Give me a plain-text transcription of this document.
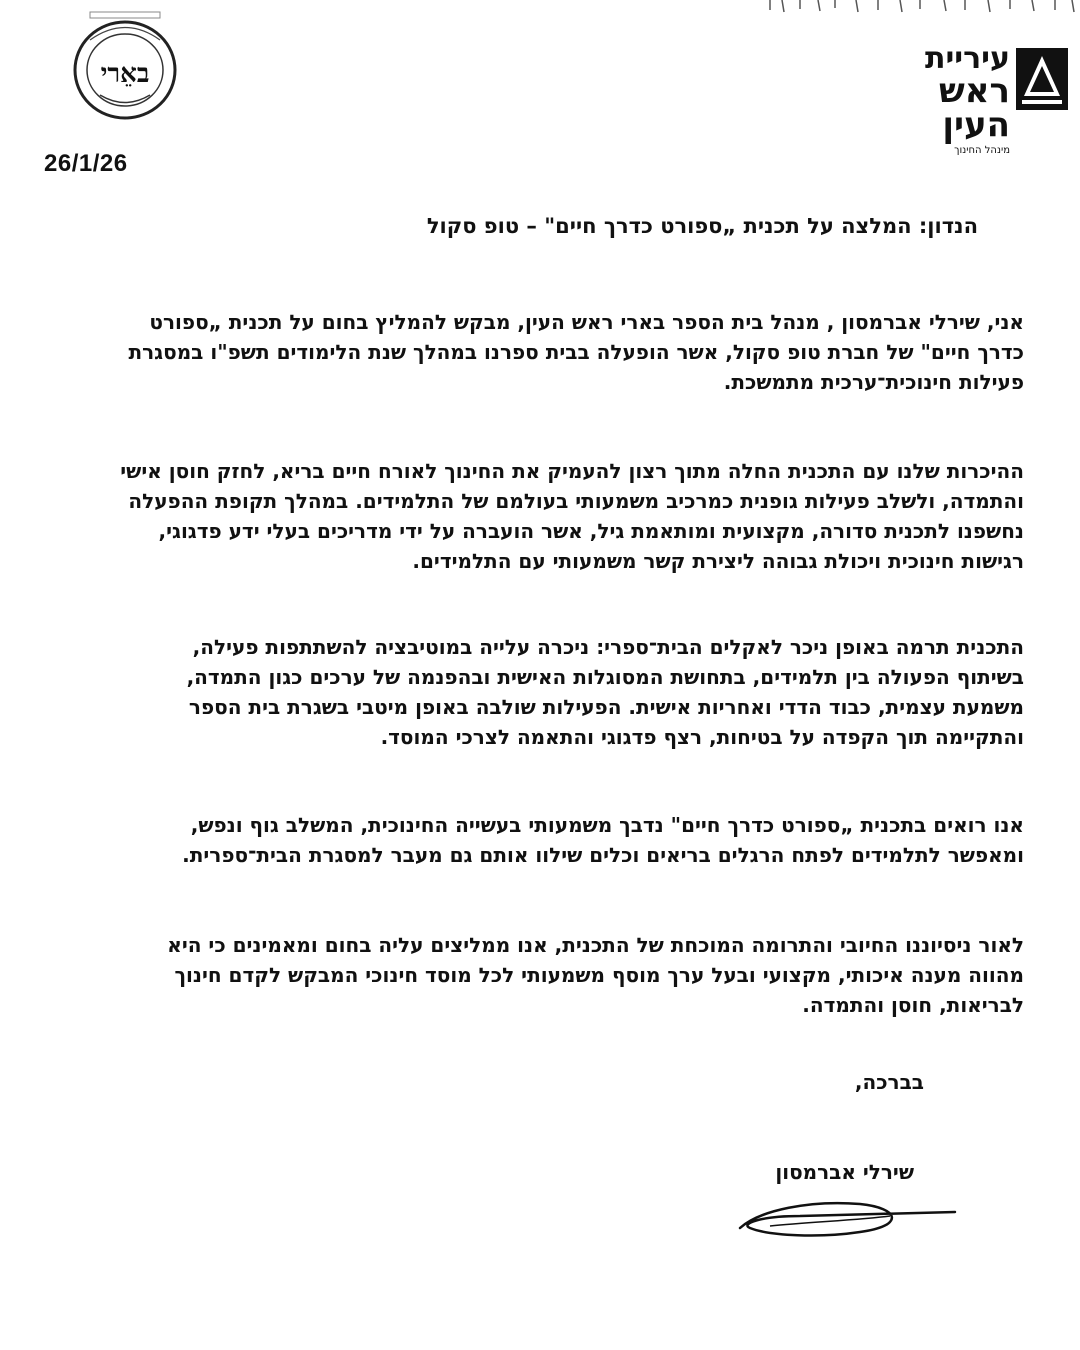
באֵרי	עיריית
ראש העין
מינהל החינוך
26/1/26
הנדון: המלצה על תכנית „ספורט כדרך חיים" – טופ סקול
אני, שירלי אברמסון , מנהל בית הספר בארי ראש העין, מבקש להמליץ בחום על תכנית „ספורט
כדרך חיים" של חברת טופ סקול, אשר הופעלה בבית ספרנו במהלך שנת הלימודים תשפ"ו במסגרת
פעילות חינוכית־ערכית מתמשכת.
ההיכרות שלנו עם התכנית החלה מתוך רצון להעמיק את החינוך לאורח חיים בריא, לחזק חוסן אישי
והתמדה, ולשלב פעילות גופנית כמרכיב משמעותי בעולמם של התלמידים. במהלך תקופת ההפעלה
נחשפנו לתכנית סדורה, מקצועית ומותאמת גיל, אשר הועברה על ידי מדריכים בעלי ידע פדגוגי,
רגישות חינוכית ויכולת גבוהה ליצירת קשר משמעותי עם התלמידים.
התכנית תרמה באופן ניכר לאקלים הבית־ספרי: ניכרה עלייה במוטיבציה להשתתפות פעילה,
בשיתוף הפעולה בין תלמידים, בתחושת המסוגלות האישית ובהפנמה של ערכים כגון התמדה,
משמעת עצמית, כבוד הדדי ואחריות אישית. הפעילות שולבה באופן מיטבי בשגרת בית הספר
והתקיימה תוך הקפדה על בטיחות, רצף פדגוגי והתאמה לצרכי המוסד.
אנו רואים בתכנית „ספורט כדרך חיים" נדבך משמעותי בעשייה החינוכית, המשלב גוף ונפש,
ומאפשר לתלמידים לפתח הרגלים בריאים וכלים שילוו אותם גם מעבר למסגרת הבית־ספרית.
לאור ניסיוננו החיובי והתרומה המוכחת של התכנית, אנו ממליצים עליה בחום ומאמינים כי היא
מהווה מענה איכותי, מקצועי ובעל ערך מוסף משמעותי לכל מוסד חינוכי המבקש לקדם חינוך
לבריאות, חוסן והתמדה.
בברכה,
שירלי אברמסון
